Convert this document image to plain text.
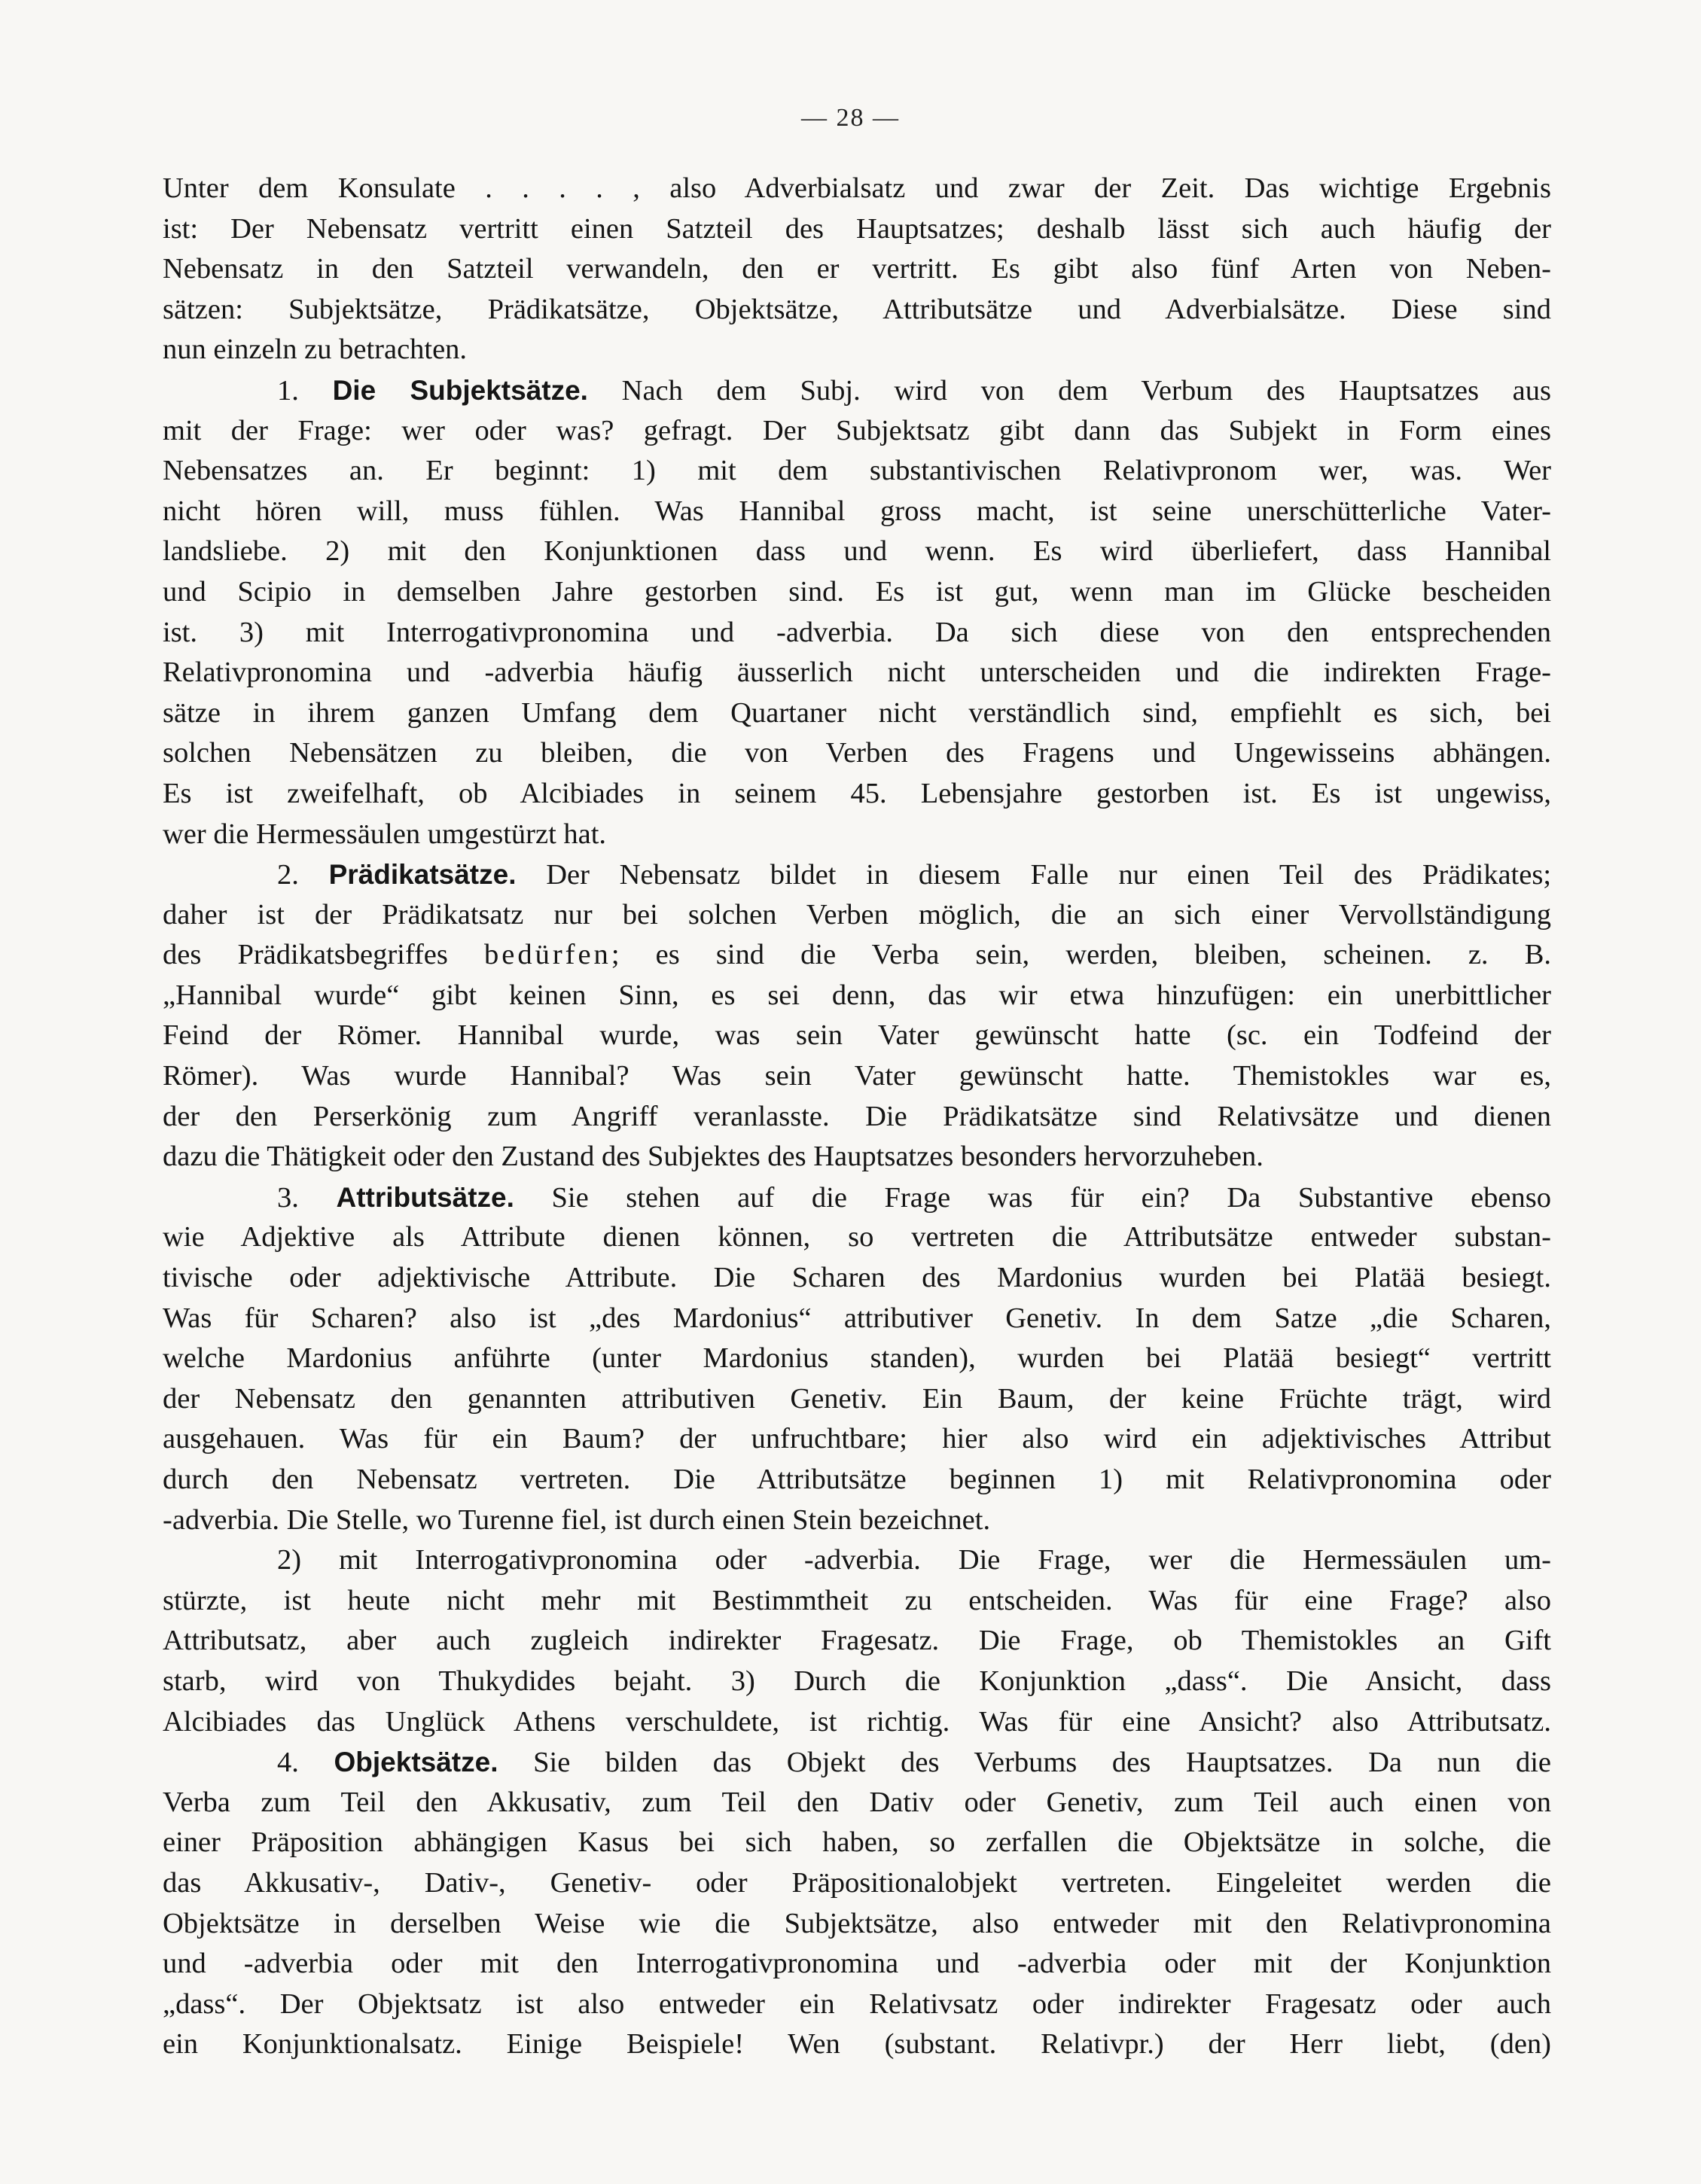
— 28 —
Unter dem Konsulate . . . . , also Adverbialsatz und zwar der Zeit. Das wichtige Ergebnis
ist: Der Nebensatz vertritt einen Satzteil des Hauptsatzes; deshalb lässt sich auch häufig der
Nebensatz in den Satzteil verwandeln, den er vertritt. Es gibt also fünf Arten von Neben-
sätzen: Subjektsätze, Prädikatsätze, Objektsätze, Attributsätze und Adverbialsätze. Diese sind
nun einzeln zu betrachten.
1. Die Subjektsätze. Nach dem Subj. wird von dem Verbum des Hauptsatzes aus
mit der Frage: wer oder was? gefragt. Der Subjektsatz gibt dann das Subjekt in Form eines
Nebensatzes an. Er beginnt: 1) mit dem substantivischen Relativpronom wer, was. Wer
nicht hören will, muss fühlen. Was Hannibal gross macht, ist seine unerschütterliche Vater-
landsliebe. 2) mit den Konjunktionen dass und wenn. Es wird überliefert, dass Hannibal
und Scipio in demselben Jahre gestorben sind. Es ist gut, wenn man im Glücke bescheiden
ist. 3) mit Interrogativpronomina und -adverbia. Da sich diese von den entsprechenden
Relativpronomina und -adverbia häufig äusserlich nicht unterscheiden und die indirekten Frage-
sätze in ihrem ganzen Umfang dem Quartaner nicht verständlich sind, empfiehlt es sich, bei
solchen Nebensätzen zu bleiben, die von Verben des Fragens und Ungewisseins abhängen.
Es ist zweifelhaft, ob Alcibiades in seinem 45. Lebensjahre gestorben ist. Es ist ungewiss,
wer die Hermessäulen umgestürzt hat.
2. Prädikatsätze. Der Nebensatz bildet in diesem Falle nur einen Teil des Prädikates;
daher ist der Prädikatsatz nur bei solchen Verben möglich, die an sich einer Vervollständigung
des Prädikatsbegriffes bedürfen; es sind die Verba sein, werden, bleiben, scheinen. z. B.
„Hannibal wurde“ gibt keinen Sinn, es sei denn, das wir etwa hinzufügen: ein unerbittlicher
Feind der Römer. Hannibal wurde, was sein Vater gewünscht hatte (sc. ein Todfeind der
Römer). Was wurde Hannibal? Was sein Vater gewünscht hatte. Themistokles war es,
der den Perserkönig zum Angriff veranlasste. Die Prädikatsätze sind Relativsätze und dienen
dazu die Thätigkeit oder den Zustand des Subjektes des Hauptsatzes besonders hervorzuheben.
3. Attributsätze. Sie stehen auf die Frage was für ein? Da Substantive ebenso
wie Adjektive als Attribute dienen können, so vertreten die Attributsätze entweder substan-
tivische oder adjektivische Attribute. Die Scharen des Mardonius wurden bei Platää besiegt.
Was für Scharen? also ist „des Mardonius“ attributiver Genetiv. In dem Satze „die Scharen,
welche Mardonius anführte (unter Mardonius standen), wurden bei Platää besiegt“ vertritt
der Nebensatz den genannten attributiven Genetiv. Ein Baum, der keine Früchte trägt, wird
ausgehauen. Was für ein Baum? der unfruchtbare; hier also wird ein adjektivisches Attribut
durch den Nebensatz vertreten. Die Attributsätze beginnen 1) mit Relativpronomina oder
-adverbia. Die Stelle, wo Turenne fiel, ist durch einen Stein bezeichnet.
2) mit Interrogativpronomina oder -adverbia. Die Frage, wer die Hermessäulen um-
stürzte, ist heute nicht mehr mit Bestimmtheit zu entscheiden. Was für eine Frage? also
Attributsatz, aber auch zugleich indirekter Fragesatz. Die Frage, ob Themistokles an Gift
starb, wird von Thukydides bejaht. 3) Durch die Konjunktion „dass“. Die Ansicht, dass
Alcibiades das Unglück Athens verschuldete, ist richtig. Was für eine Ansicht? also Attributsatz.
4. Objektsätze. Sie bilden das Objekt des Verbums des Hauptsatzes. Da nun die
Verba zum Teil den Akkusativ, zum Teil den Dativ oder Genetiv, zum Teil auch einen von
einer Präposition abhängigen Kasus bei sich haben, so zerfallen die Objektsätze in solche, die
das Akkusativ-, Dativ-, Genetiv- oder Präpositionalobjekt vertreten. Eingeleitet werden die
Objektsätze in derselben Weise wie die Subjektsätze, also entweder mit den Relativpronomina
und -adverbia oder mit den Interrogativpronomina und -adverbia oder mit der Konjunktion
„dass“. Der Objektsatz ist also entweder ein Relativsatz oder indirekter Fragesatz oder auch
ein Konjunktionalsatz. Einige Beispiele! Wen (substant. Relativpr.) der Herr liebt, (den)
